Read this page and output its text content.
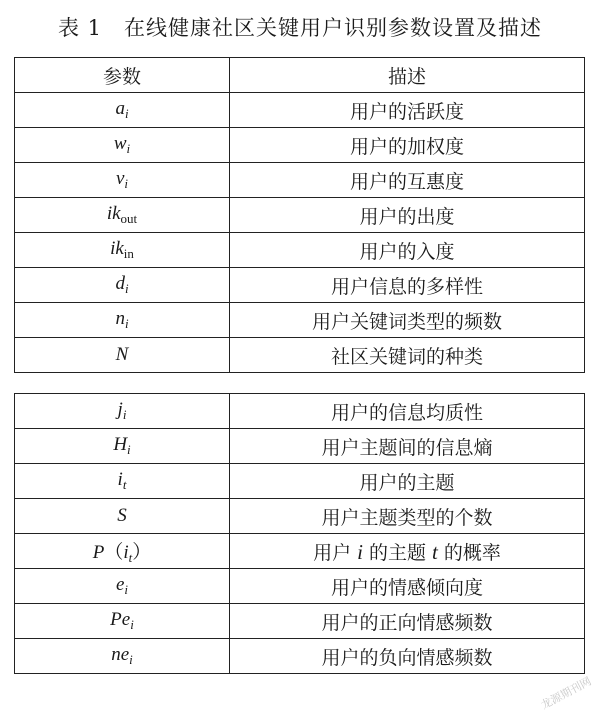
表 1　在线健康社区关键用户识别参数设置及描述
参数	描述
$a_i$	用户的活跃度
$w_i$	用户的加权度
$v_i$	用户的互惠度
$ik_{out}$	用户的出度
$ik_{in}$	用户的入度
$d_i$	用户信息的多样性
$n_i$	用户关键词类型的频数
N	社区关键词的种类
$j_i$	用户的信息均质性
$H_i$	用户主题间的信息熵
$i_t$	用户的主题
S	用户主题类型的个数
$P(i_t)$	用户 i 的主题 t 的概率
$e_i$	用户的情感倾向度
$Pe_i$	用户的正向情感频数
$ne_i$	用户的负向情感频数
龙源期刊网
